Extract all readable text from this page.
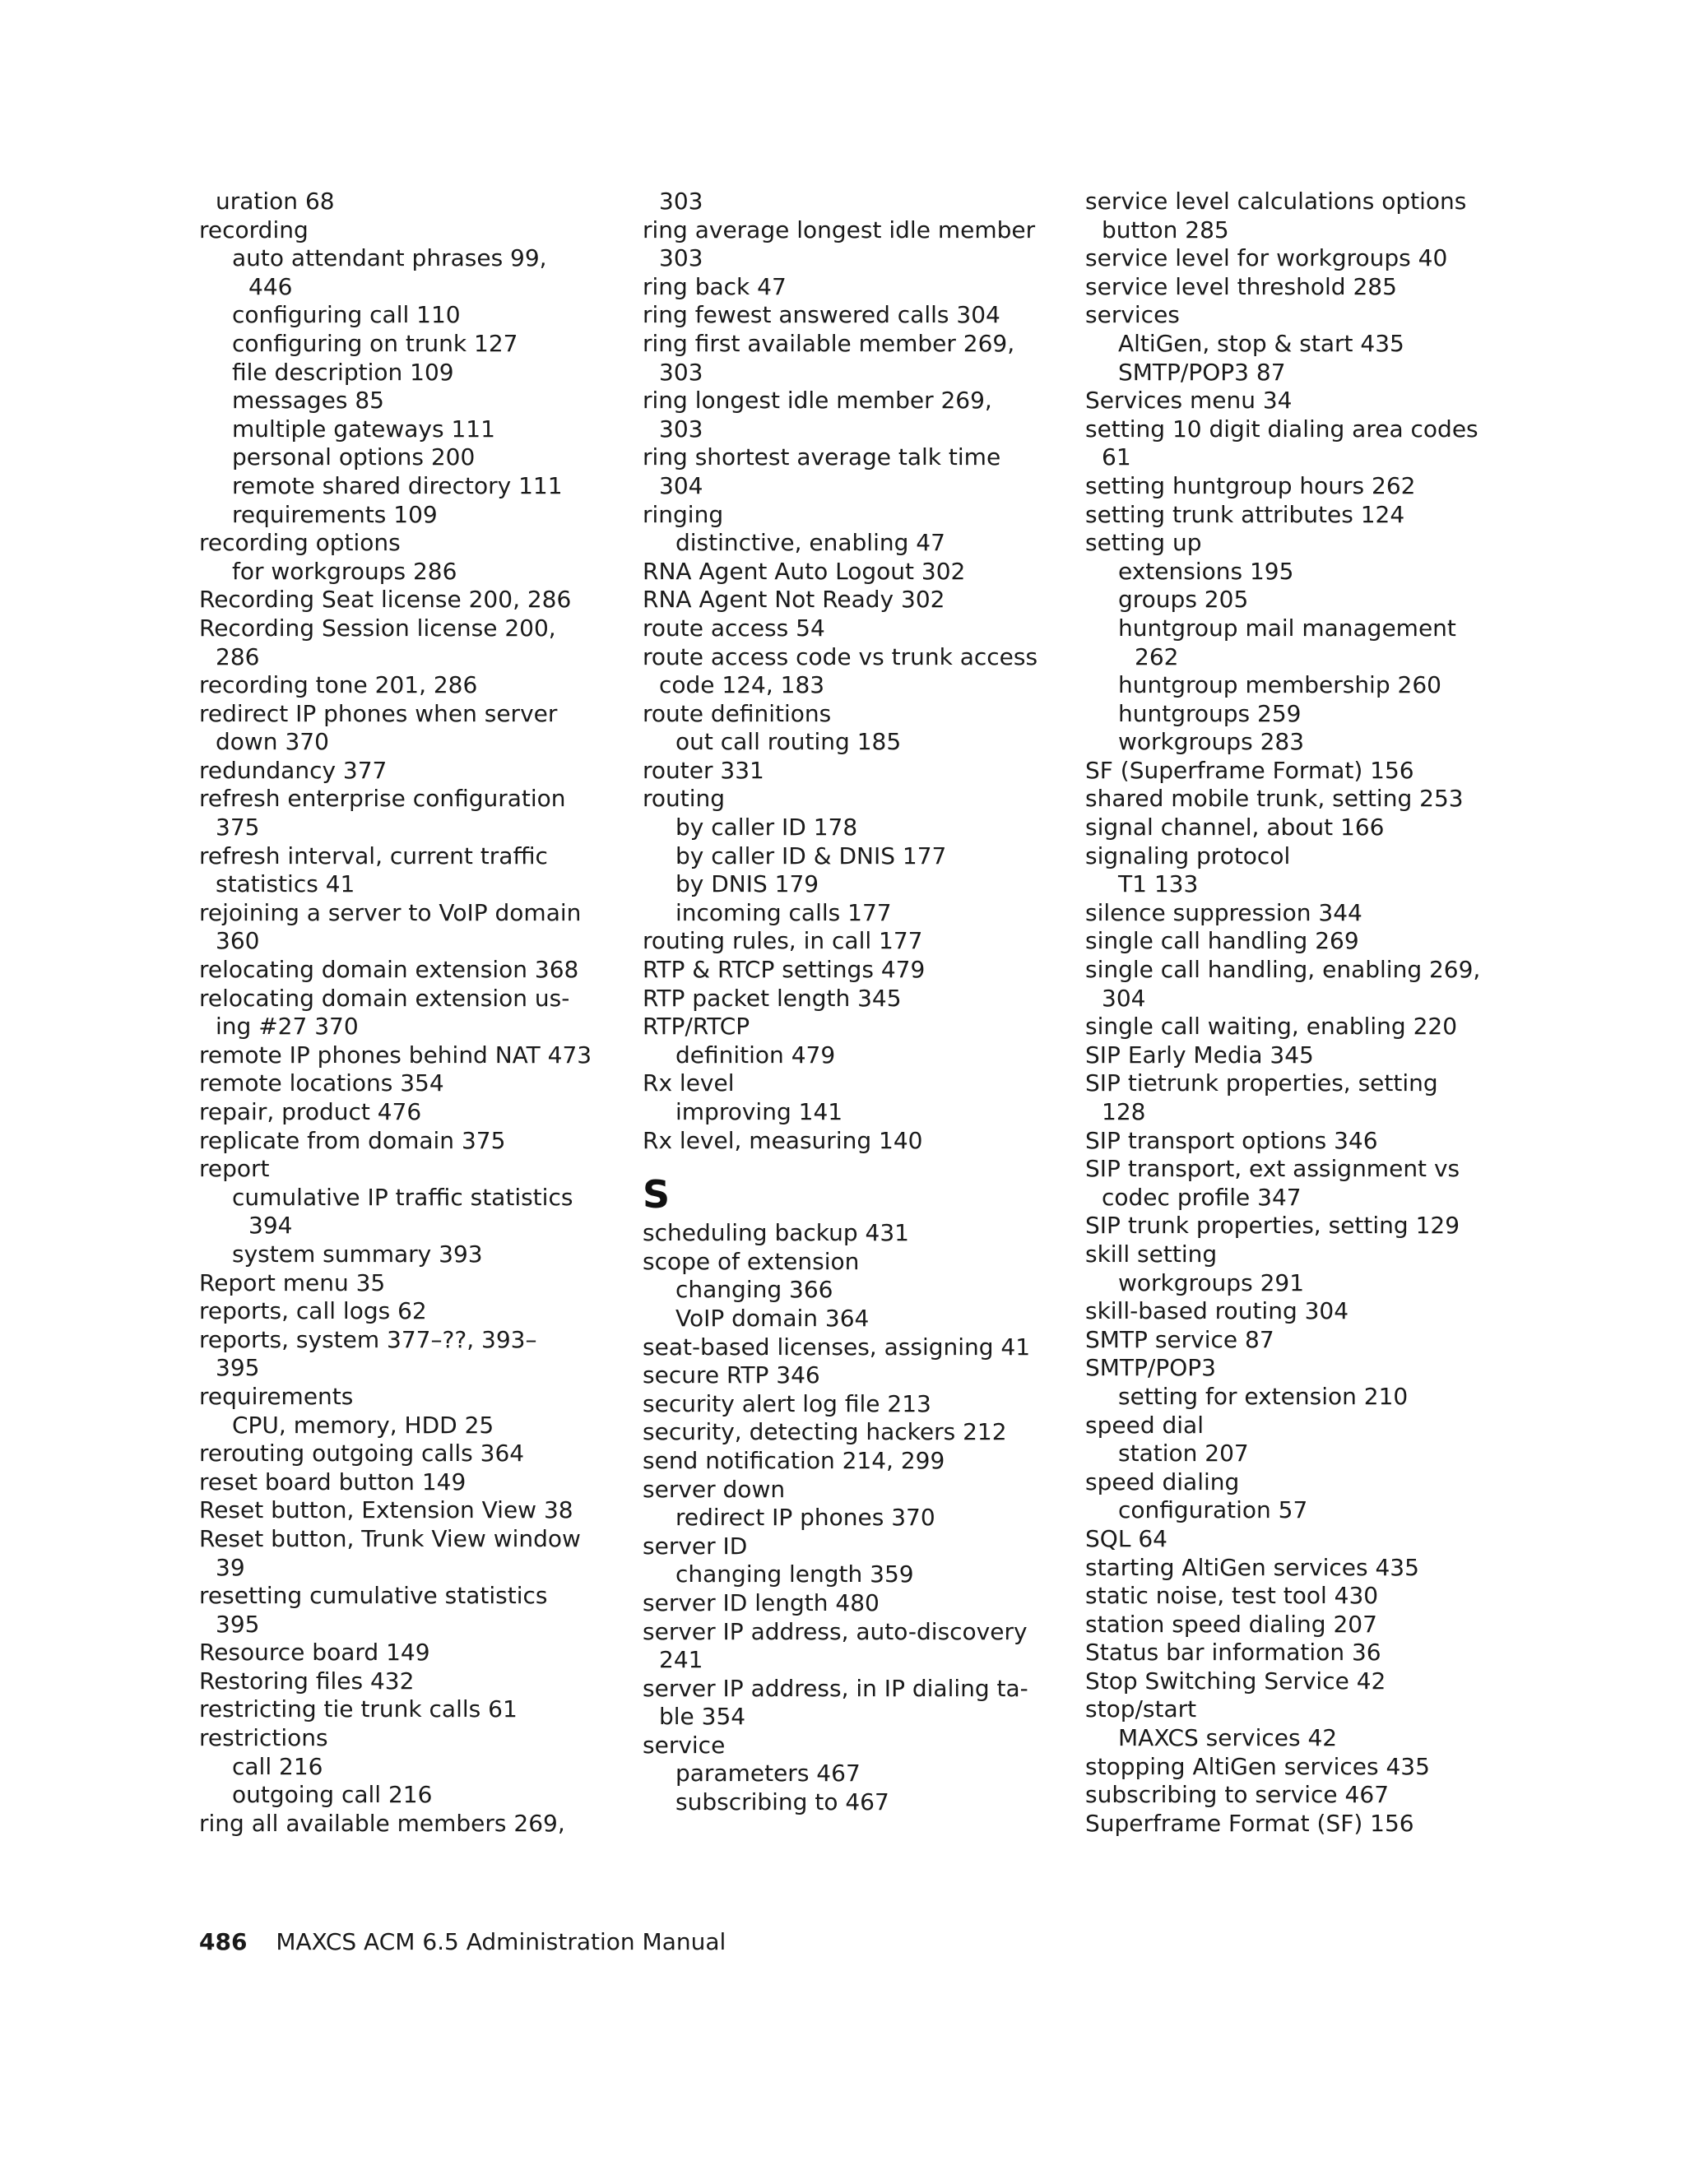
uration 68
recording
auto attendant phrases 99,
446
configuring call 110
configuring on trunk 127
file description 109
messages 85
multiple gateways 111
personal options 200
remote shared directory 111
requirements 109
recording options
for workgroups 286
Recording Seat license 200, 286
Recording Session license 200,
286
recording tone 201, 286
redirect IP phones when server
down 370
redundancy 377
refresh enterprise configuration
375
refresh interval, current traffic
statistics 41
rejoining a server to VoIP domain
360
relocating domain extension 368
relocating domain extension us-
ing #27 370
remote IP phones behind NAT 473
remote locations 354
repair, product 476
replicate from domain 375
report
cumulative IP traffic statistics
394
system summary 393
Report menu 35
reports, call logs 62
reports, system 377–??, 393–
395
requirements
CPU, memory, HDD 25
rerouting outgoing calls 364
reset board button 149
Reset button, Extension View 38
Reset button, Trunk View window
39
resetting cumulative statistics
395
Resource board 149
Restoring files 432
restricting tie trunk calls 61
restrictions
call 216
outgoing call 216
ring all available members 269,
303
ring average longest idle member
303
ring back 47
ring fewest answered calls 304
ring first available member 269,
303
ring longest idle member 269,
303
ring shortest average talk time
304
ringing
distinctive, enabling 47
RNA Agent Auto Logout 302
RNA Agent Not Ready 302
route access 54
route access code vs trunk access
code 124, 183
route definitions
out call routing 185
router 331
routing
by caller ID 178
by caller ID & DNIS 177
by DNIS 179
incoming calls 177
routing rules, in call 177
RTP & RTCP settings 479
RTP packet length 345
RTP/RTCP
definition 479
Rx level
improving 141
Rx level, measuring 140
S
scheduling backup 431
scope of extension
changing 366
VoIP domain 364
seat-based licenses, assigning 41
secure RTP 346
security alert log file 213
security, detecting hackers 212
send notification 214, 299
server down
redirect IP phones 370
server ID
changing length 359
server ID length 480
server IP address, auto-discovery
241
server IP address, in IP dialing ta-
ble 354
service
parameters 467
subscribing to 467
service level calculations options
button 285
service level for workgroups 40
service level threshold 285
services
AltiGen, stop & start 435
SMTP/POP3 87
Services menu 34
setting 10 digit dialing area codes
61
setting huntgroup hours 262
setting trunk attributes 124
setting up
extensions 195
groups 205
huntgroup mail management
262
huntgroup membership 260
huntgroups 259
workgroups 283
SF (Superframe Format) 156
shared mobile trunk, setting 253
signal channel, about 166
signaling protocol
T1 133
silence suppression 344
single call handling 269
single call handling, enabling 269,
304
single call waiting, enabling 220
SIP Early Media 345
SIP tietrunk properties, setting
128
SIP transport options 346
SIP transport, ext assignment vs
codec profile 347
SIP trunk properties, setting 129
skill setting
workgroups 291
skill-based routing 304
SMTP service 87
SMTP/POP3
setting for extension 210
speed dial
station 207
speed dialing
configuration 57
SQL 64
starting AltiGen services 435
static noise, test tool 430
station speed dialing 207
Status bar information 36
Stop Switching Service 42
stop/start
MAXCS services 42
stopping AltiGen services 435
subscribing to service 467
Superframe Format (SF) 156
486 MAXCS ACM 6.5 Administration Manual
